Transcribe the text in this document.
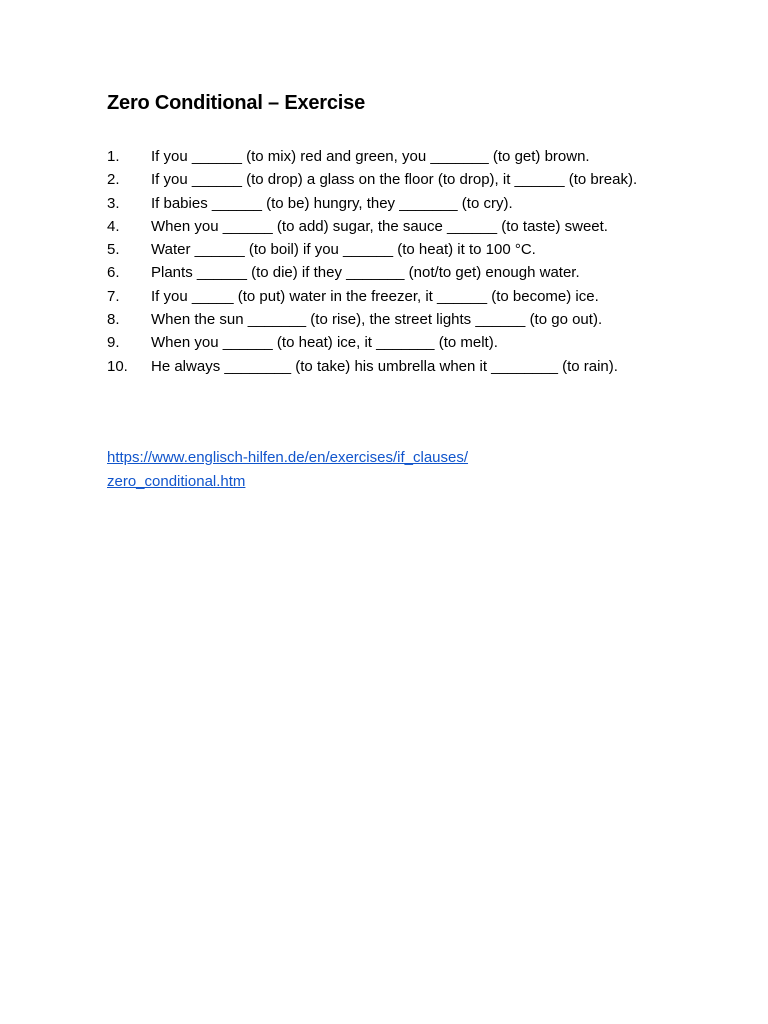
Zero Conditional – Exercise
1. If you ______ (to mix) red and green, you _______ (to get) brown.
2. If you ______ (to drop) a glass on the floor (to drop), it ______ (to break).
3. If babies ______ (to be) hungry, they _______ (to cry).
4. When you ______ (to add) sugar, the sauce ______ (to taste) sweet.
5. Water ______ (to boil) if you ______ (to heat) it to 100 °C.
6. Plants ______ (to die) if they _______ (not/to get) enough water.
7. If you _____ (to put) water in the freezer, it ______ (to become) ice.
8. When the sun _______ (to rise), the street lights ______ (to go out).
9. When you ______ (to heat) ice, it _______ (to melt).
10. He always ________ (to take) his umbrella when it ________ (to rain).
https://www.englisch-hilfen.de/en/exercises/if_clauses/
zero_conditional.htm
